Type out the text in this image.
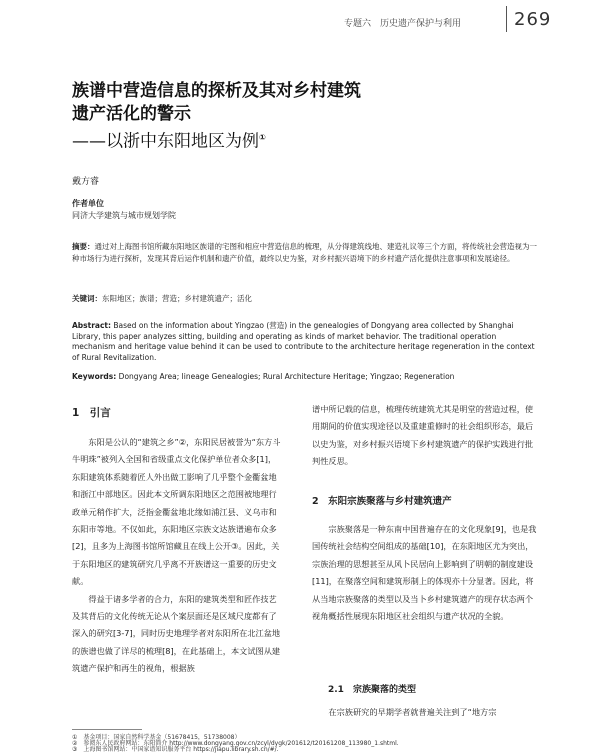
专题六　历史遗产保护与利用	269
族谱中营造信息的探析及其对乡村建筑
遗产活化的警示
——以浙中东阳地区为例①
戴方睿
作者单位
同济大学建筑与城市规划学院
摘要：通过对上海图书馆所藏东阳地区族谱的宅图和相应中营造信息的梳理，从分得建筑线地、建造礼议等三个方面，将传统社会营造视为一种市场行为进行探析，发现其背后运作机制和遗产价值，最终以史为鉴，对乡村振兴语境下的乡村遗产活化提供注意事项和发展途径。
关键词：东阳地区；族谱；营造；乡村建筑遗产；活化
Abstract: Based on the information about Yingzao (营造) in the genealogies of Dongyang area collected by Shanghai Library, this paper analyzes sitting, building and operating as kinds of market behavior. The traditional operation mechanism and heritage value behind it can be used to contribute to the architecture heritage regeneration in the context of Rural Revitalization.
Keywords: Dongyang Area; lineage Genealogies; Rural Architecture Heritage; Yingzao; Regeneration
1　引言

东阳是公认的“建筑之乡”②，东阳民居被誉为“东方斗牛明珠”被列入全国和省级重点文化保护单位者众多[1]，东阳建筑体系随着匠人外出做工影响了几乎整个金衢盆地和浙江中部地区。因此本文所调东阳地区之范围被地理行政单元稍作扩大，泛指金衢盆地北缘如浦江县、义乌市和东阳市等地。不仅如此，东阳地区宗族文达族谱遍布众多[2]，且多为上海图书馆所馆藏且在线上公开③。因此，关于东阳地区的建筑研究几乎离不开族谱这一重要的历史文献。

得益于诸多学者的合力，东阳的建筑类型和匠作技艺及其背后的文化传统无论从个案层面还是区域尺度都有了深入的研究[3-7]，同时历史地理学者对东阳所在北江盆地的族谱也做了详尽的梳理[8]，在此基础上，本文试图从建筑遗产保护和再生的视角，根据族

谱中所记载的信息，梳理传统建筑尤其是明堂的营造过程，使用期间的价值实现途径以及重建重修时的社会组织形态，最后以史为鉴，对乡村振兴语境下乡村建筑遗产的保护实践进行批判性反思。

2　东阳宗族聚落与乡村建筑遗产

宗族聚落是一种东南中国普遍存在的文化现象[9]，也是我国传统社会结构空间组成的基础[10]，在东阳地区尤为突出，宗族治理的思想甚至从风卜民居向上影响到了明朝的制度建设[11]，在聚落空间和建筑形制上的体现亦十分显著。因此，将从当地宗族聚落的类型以及当卜乡村建筑遗产的现存状态两个视角概括性展现东阳地区社会组织与遗产状况的全貌。

2.1　宗族聚落的类型

在宗族研究的早期学者就普遍关注到了“地方宗

①　基金项目：国家自然科学基金（51678415，51738008）
②　参阅东人民政府网站：东阳简介 http://www.dongyang.gov.cn/zcyl/dygk/201612/t20161208_113980_1.shtml.
③　上海图书馆网站：中国家谱知识服务平台 https://jiapu.library.sh.cn/#/.
